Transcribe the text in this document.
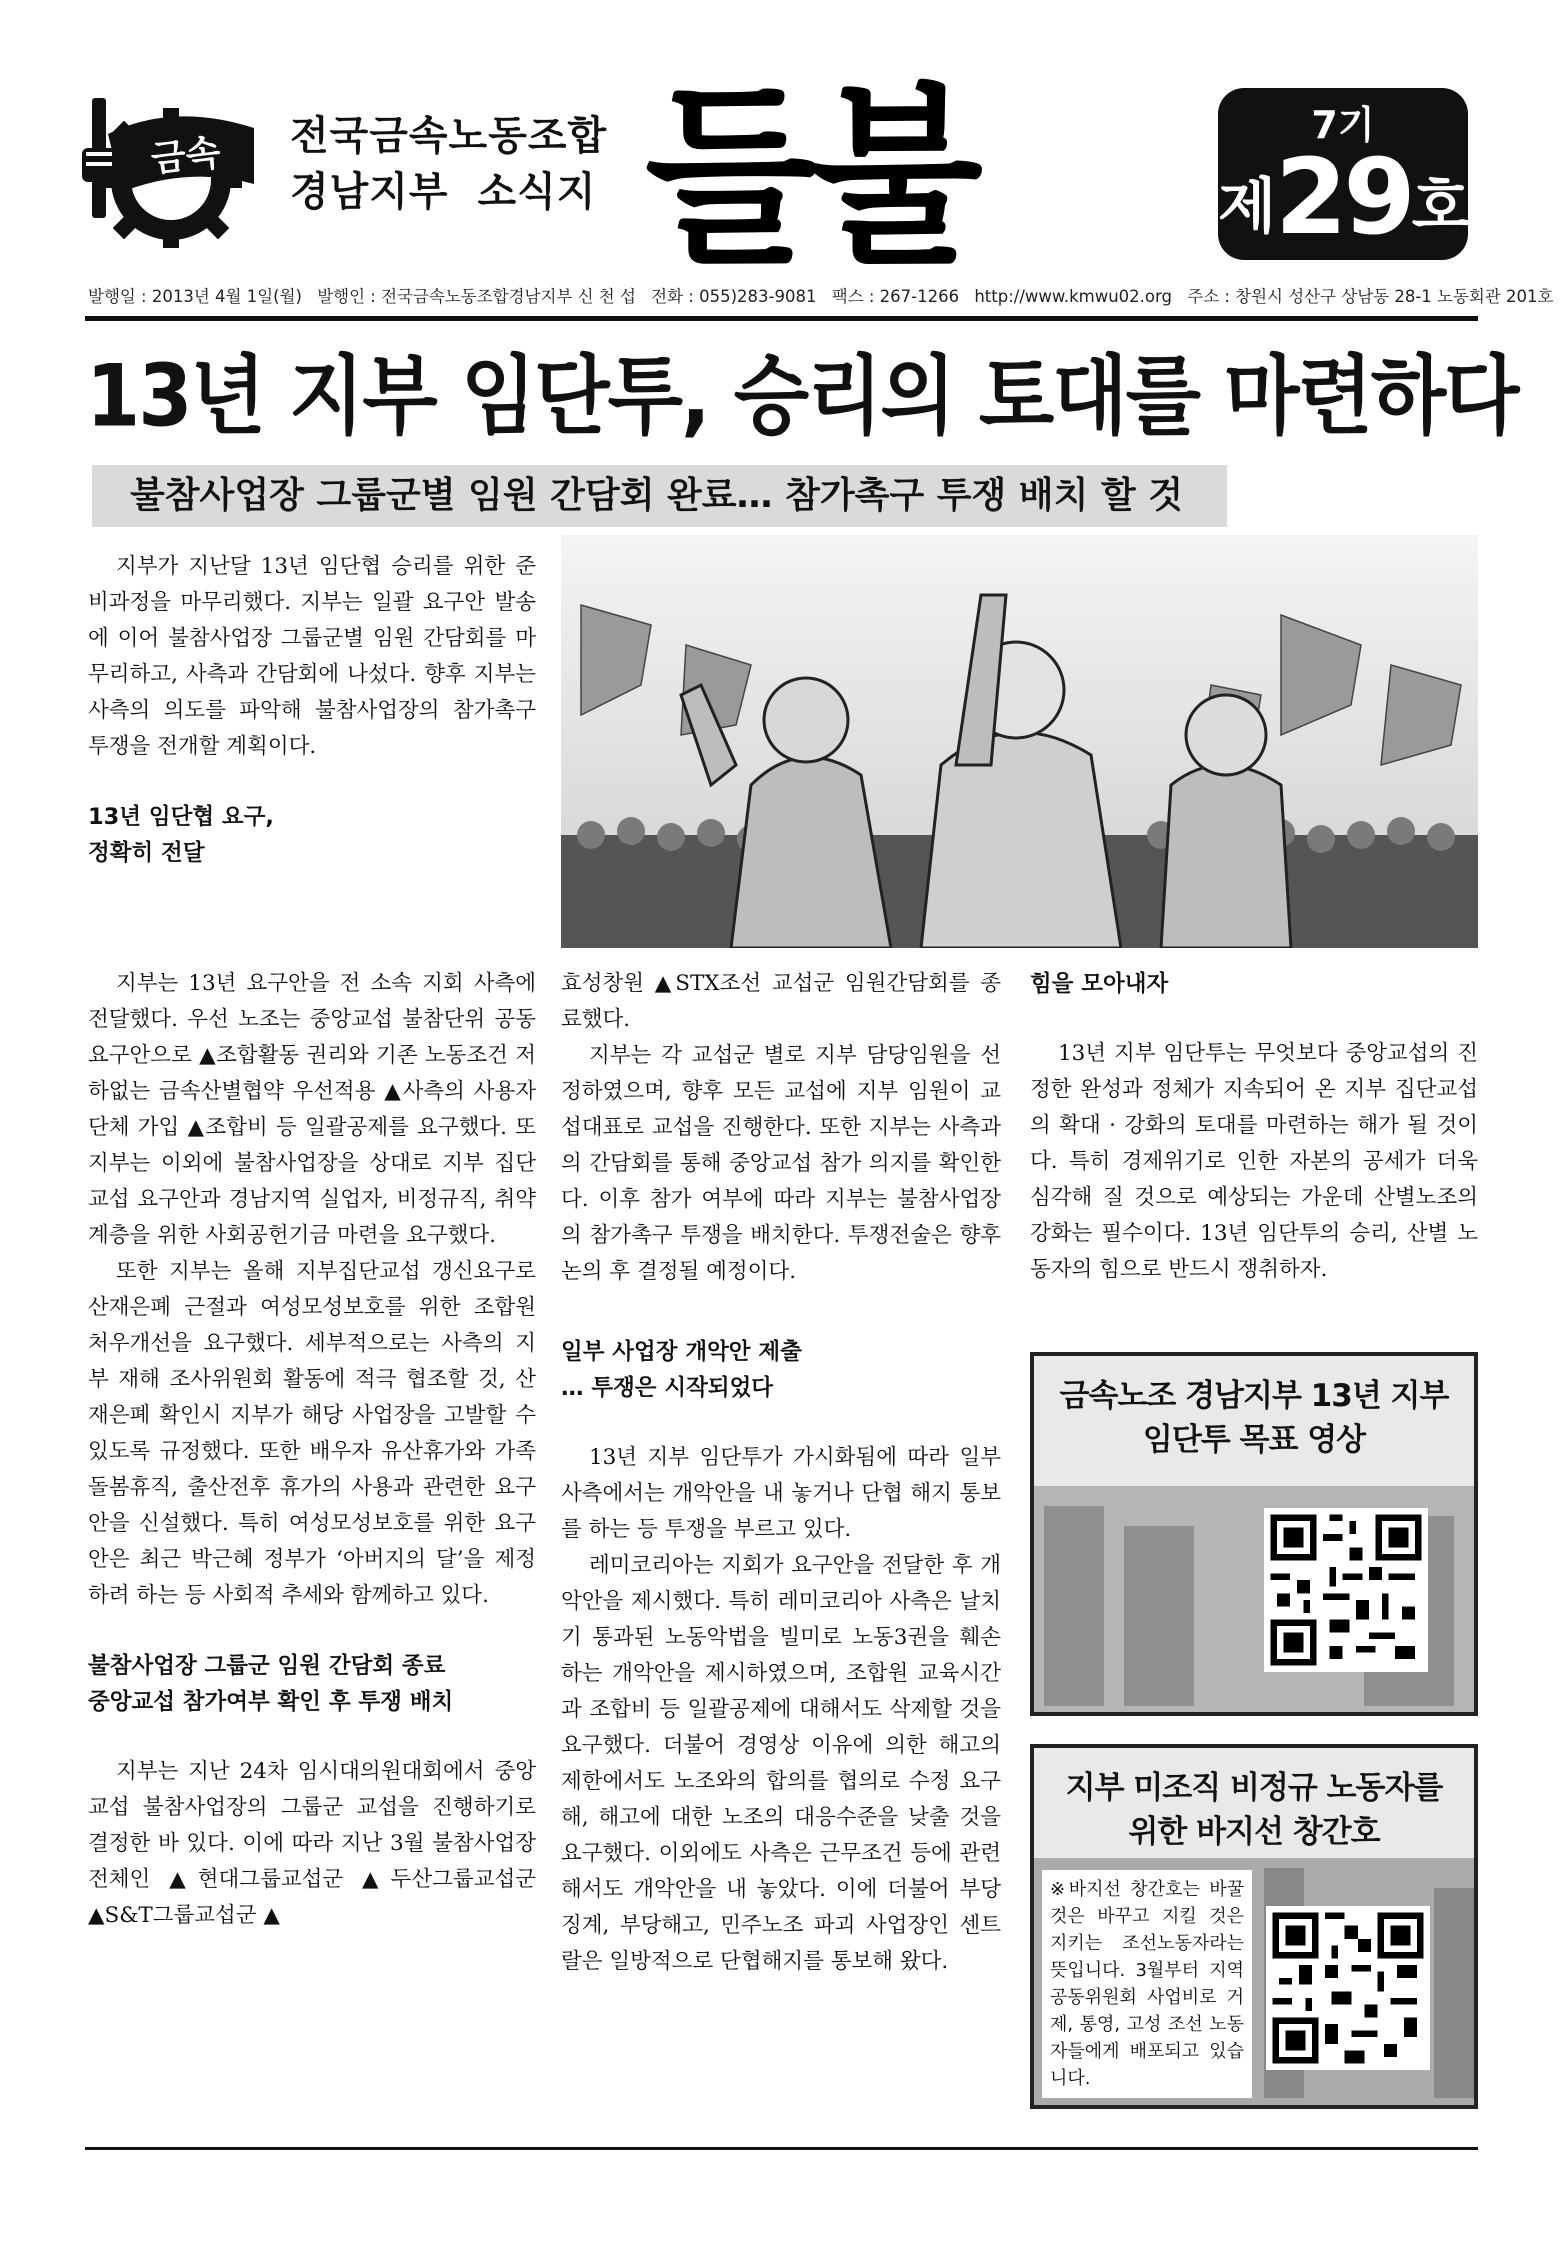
금속 전국금속노동조합
경남지부 소식지 들불	7기
제29호
발행일 : 2013년 4월 1일(월) 발행인 : 전국금속노동조합경남지부 신 천 섭 전화 : 055)283-9081 팩스 : 267-1266 http://www.kmwu02.org 주소 : 창원시 성산구 상남동 28-1 노동회관 201호
13년 지부 임단투, 승리의 토대를 마련하다
불참사업장 그룹군별 임원 간담회 완료… 참가촉구 투쟁 배치 할 것

지부가 지난달 13년 임단협 승리를 위한 준비과정을 마무리했다. 지부는 일괄 요구안 발송에 이어 불참사업장 그룹군별 임원 간담회를 마무리하고, 사측과 간담회에 나섰다. 향후 지부는 사측의 의도를 파악해 불참사업장의 참가촉구 투쟁을 전개할 계획이다.

13년 임단협 요구,
정확히 전달

지부는 13년 요구안을 전 소속 지회 사측에 전달했다. 우선 노조는 중앙교섭 불참단위 공동요구안으로 ▲조합활동 권리와 기존 노동조건 저하없는 금속산별협약 우선적용 ▲사측의 사용자단체 가입 ▲조합비 등 일괄공제를 요구했다. 또 지부는 이외에 불참사업장을 상대로 지부 집단교섭 요구안과 경남지역 실업자, 비정규직, 취약계층을 위한 사회공헌기금 마련을 요구했다.

또한 지부는 올해 지부집단교섭 갱신요구로 산재은폐 근절과 여성모성보호를 위한 조합원 처우개선을 요구했다. 세부적으로는 사측의 지부 재해 조사위원회 활동에 적극 협조할 것, 산재은폐 확인시 지부가 해당 사업장을 고발할 수 있도록 규정했다. 또한 배우자 유산휴가와 가족돌봄휴직, 출산전후 휴가의 사용과 관련한 요구안을 신설했다. 특히 여성모성보호를 위한 요구안은 최근 박근혜 정부가 ‘아버지의 달’을 제정하려 하는 등 사회적 추세와 함께하고 있다.

불참사업장 그룹군 임원 간담회 종료
중앙교섭 참가여부 확인 후 투쟁 배치

지부는 지난 24차 임시대의원대회에서 중앙교섭 불참사업장의 그룹군 교섭을 진행하기로 결정한 바 있다. 이에 따라 지난 3월 불참사업장 전체인 ▲현대그룹교섭군 ▲두산그룹교섭군 ▲S&T그룹교섭군 ▲

효성창원 ▲STX조선 교섭군 임원간담회를 종료했다.

지부는 각 교섭군 별로 지부 담당임원을 선정하였으며, 향후 모든 교섭에 지부 임원이 교섭대표로 교섭을 진행한다. 또한 지부는 사측과의 간담회를 통해 중앙교섭 참가 의지를 확인한다. 이후 참가 여부에 따라 지부는 불참사업장의 참가촉구 투쟁을 배치한다. 투쟁전술은 향후 논의 후 결정될 예정이다.

일부 사업장 개악안 제출
… 투쟁은 시작되었다

13년 지부 임단투가 가시화됨에 따라 일부 사측에서는 개악안을 내 놓거나 단협 해지 통보를 하는 등 투쟁을 부르고 있다.

레미코리아는 지회가 요구안을 전달한 후 개악안을 제시했다. 특히 레미코리아 사측은 날치기 통과된 노동악법을 빌미로 노동3권을 훼손하는 개악안을 제시하였으며, 조합원 교육시간과 조합비 등 일괄공제에 대해서도 삭제할 것을 요구했다. 더불어 경영상 이유에 의한 해고의 제한에서도 노조와의 합의를 협의로 수정 요구해, 해고에 대한 노조의 대응수준을 낮출 것을 요구했다. 이외에도 사측은 근무조건 등에 관련해서도 개악안을 내 놓았다. 이에 더불어 부당징계, 부당해고, 민주노조 파괴 사업장인 센트랄은 일방적으로 단협해지를 통보해 왔다.

힘을 모아내자

13년 지부 임단투는 무엇보다 중앙교섭의 진정한 완성과 정체가 지속되어 온 지부 집단교섭의 확대 · 강화의 토대를 마련하는 해가 될 것이다. 특히 경제위기로 인한 자본의 공세가 더욱 심각해 질 것으로 예상되는 가운데 산별노조의 강화는 필수이다. 13년 임단투의 승리, 산별 노동자의 힘으로 반드시 쟁취하자.

금속노조 경남지부 13년 지부
임단투 목표 영상
지부 미조직 비정규 노동자를
위한 바지선 창간호
※바지선 창간호는 바꿀 것은 바꾸고 지킬 것은 지키는 조선노동자라는 뜻입니다. 3월부터 지역공동위원회 사업비로 거제, 통영, 고성 조선 노동자들에게 배포되고 있습니다.
